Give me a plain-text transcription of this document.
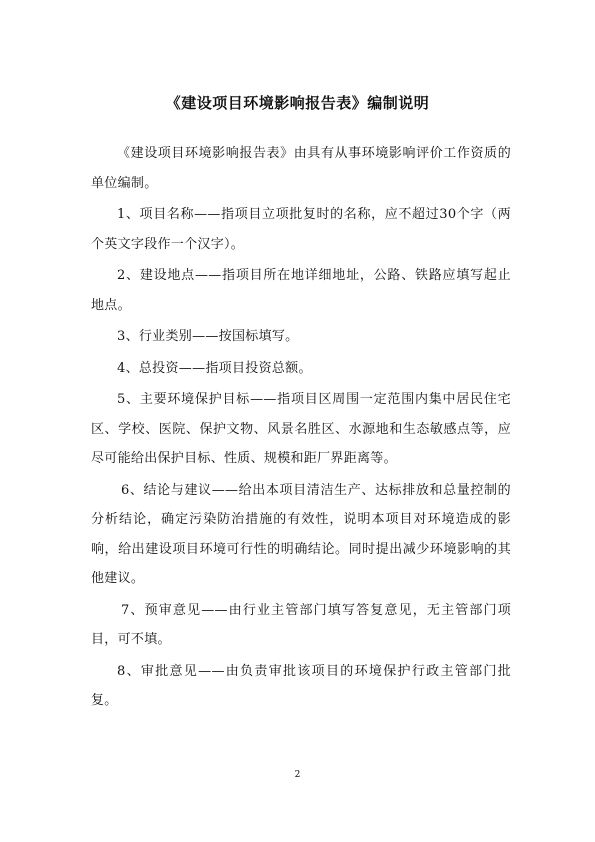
《建设项目环境影响报告表》编制说明

《建设项目环境影响报告表》由具有从事环境影响评价工作资质的单位编制。

1、项目名称——指项目立项批复时的名称，应不超过30个字（两个英文字段作一个汉字）。

2、建设地点——指项目所在地详细地址，公路、铁路应填写起止地点。

3、行业类别——按国标填写。

4、总投资——指项目投资总额。

5、主要环境保护目标——指项目区周围一定范围内集中居民住宅区、学校、医院、保护文物、风景名胜区、水源地和生态敏感点等，应尽可能给出保护目标、性质、规模和距厂界距离等。

6、结论与建议——给出本项目清洁生产、达标排放和总量控制的分析结论，确定污染防治措施的有效性，说明本项目对环境造成的影响，给出建设项目环境可行性的明确结论。同时提出减少环境影响的其他建议。

7、预审意见——由行业主管部门填写答复意见，无主管部门项目，可不填。

8、审批意见——由负责审批该项目的环境保护行政主管部门批复。

2
